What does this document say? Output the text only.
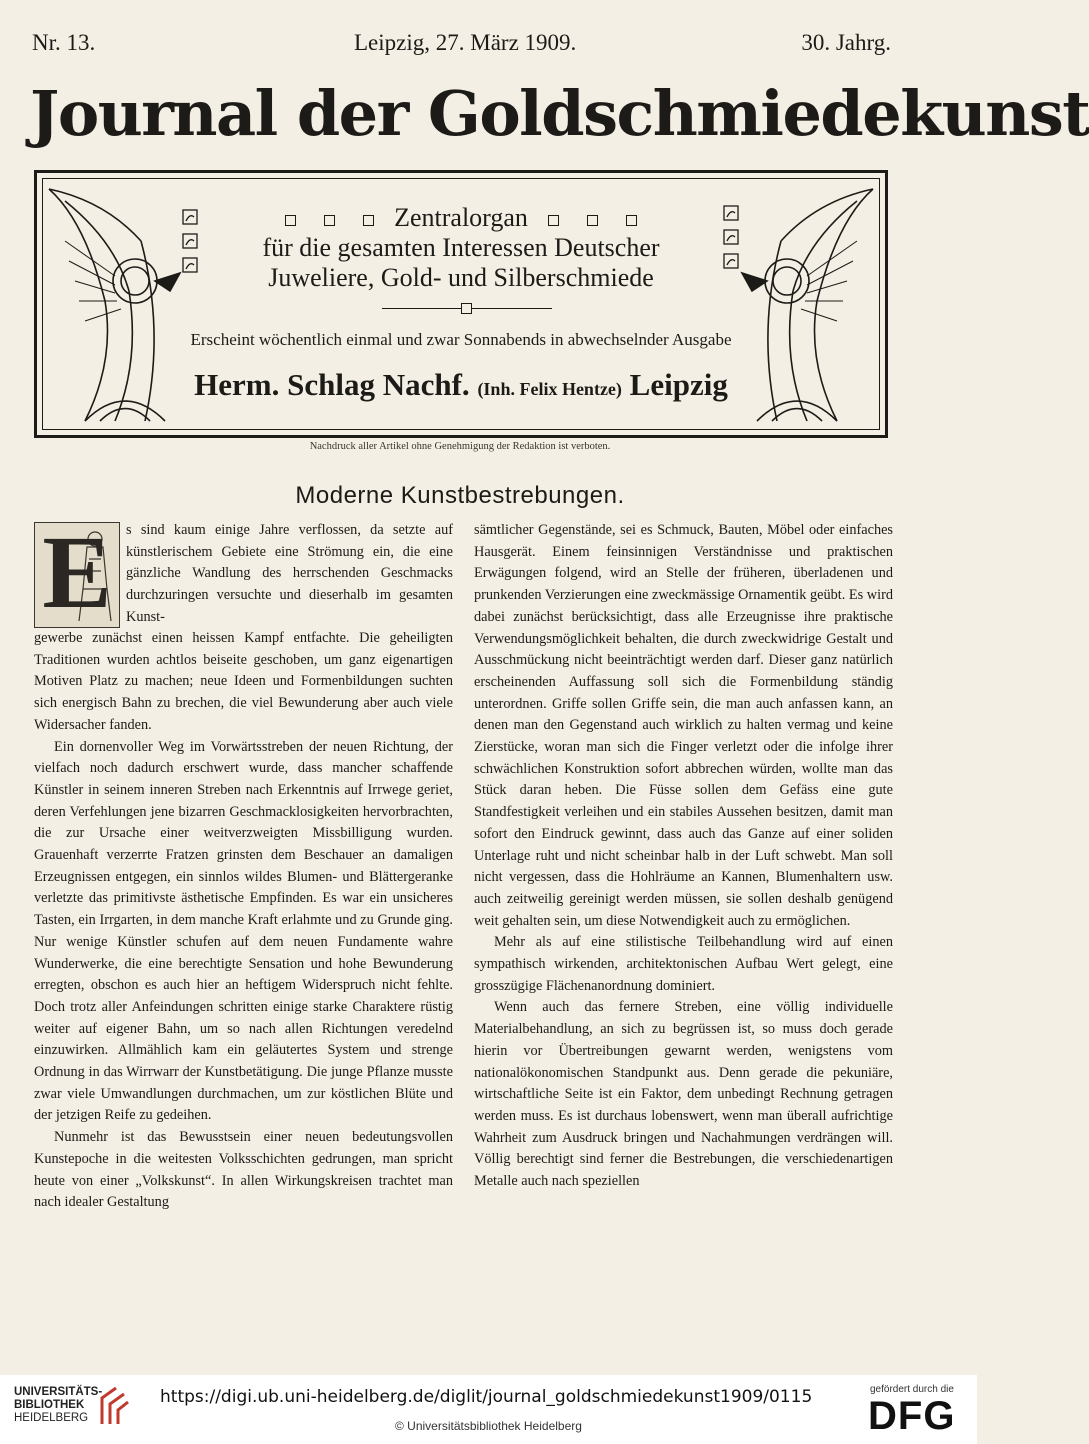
Nr. 13.	Leipzig, 27. März 1909.	30. Jahrg.
Journal der Goldschmiedekunst
Zentralorgan
für die gesamten Interessen Deutscher
Juweliere, Gold- und Silberschmiede
Erscheint wöchentlich einmal und zwar Sonnabends in abwechselnder Ausgabe
Herm. Schlag Nachf. (Inh. Felix Hentze) Leipzig
Nachdruck aller Artikel ohne Genehmigung der Redaktion ist verboten.
Moderne Kunstbestrebungen.
E	s sind kaum einige Jahre verflossen, da setzte auf künstlerischem Gebiete eine Strömung ein, die eine gänzliche Wandlung des herrschenden Geschmacks durchzuringen versuchte und dieserhalb im gesamten Kunst-

gewerbe zunächst einen heissen Kampf entfachte. Die geheiligten Traditionen wurden achtlos beiseite geschoben, um ganz eigenartigen Motiven Platz zu machen; neue Ideen und Formenbildungen suchten sich energisch Bahn zu brechen, die viel Bewunderung aber auch viele Widersacher fanden.

Ein dornenvoller Weg im Vorwärtsstreben der neuen Richtung, der vielfach noch dadurch erschwert wurde, dass mancher schaffende Künstler in seinem inneren Streben nach Erkenntnis auf Irrwege geriet, deren Verfehlungen jene bizarren Geschmacklosigkeiten hervorbrachten, die zur Ursache einer weitverzweigten Missbilligung wurden. Grauenhaft verzerrte Fratzen grinsten dem Beschauer an damaligen Erzeugnissen entgegen, ein sinnlos wildes Blumen- und Blättergeranke verletzte das primitivste ästhetische Empfinden. Es war ein unsicheres Tasten, ein Irrgarten, in dem manche Kraft erlahmte und zu Grunde ging. Nur wenige Künstler schufen auf dem neuen Fundamente wahre Wunderwerke, die eine berechtigte Sensation und hohe Bewunderung erregten, obschon es auch hier an heftigem Widerspruch nicht fehlte. Doch trotz aller Anfeindungen schritten einige starke Charaktere rüstig weiter auf eigener Bahn, um so nach allen Richtungen veredelnd einzuwirken. Allmählich kam ein geläutertes System und strenge Ordnung in das Wirrwarr der Kunstbetätigung. Die junge Pflanze musste zwar viele Umwandlungen durchmachen, um zur köstlichen Blüte und der jetzigen Reife zu gedeihen.

Nunmehr ist das Bewusstsein einer neuen bedeutungsvollen Kunstepoche in die weitesten Volksschichten gedrungen, man spricht heute von einer „Volkskunst“. In allen Wirkungskreisen trachtet man nach idealer Gestaltung

sämtlicher Gegenstände, sei es Schmuck, Bauten, Möbel oder einfaches Hausgerät. Einem feinsinnigen Verständnisse und praktischen Erwägungen folgend, wird an Stelle der früheren, überladenen und prunkenden Verzierungen eine zweckmässige Ornamentik geübt. Es wird dabei zunächst berücksichtigt, dass alle Erzeugnisse ihre praktische Verwendungsmöglichkeit behalten, die durch zweckwidrige Gestalt und Ausschmückung nicht beeinträchtigt werden darf. Dieser ganz natürlich erscheinenden Auffassung soll sich die Formenbildung ständig unterordnen. Griffe sollen Griffe sein, die man auch anfassen kann, an denen man den Gegenstand auch wirklich zu halten vermag und keine Zierstücke, woran man sich die Finger verletzt oder die infolge ihrer schwächlichen Konstruktion sofort abbrechen würden, wollte man das Stück daran heben. Die Füsse sollen dem Gefäss eine gute Standfestigkeit verleihen und ein stabiles Aussehen besitzen, damit man sofort den Eindruck gewinnt, dass auch das Ganze auf einer soliden Unterlage ruht und nicht scheinbar halb in der Luft schwebt. Man soll nicht vergessen, dass die Hohlräume an Kannen, Blumenhaltern usw. auch zeitweilig gereinigt werden müssen, sie sollen deshalb genügend weit gehalten sein, um diese Notwendigkeit auch zu ermöglichen.

Mehr als auf eine stilistische Teilbehandlung wird auf einen sympathisch wirkenden, architektonischen Aufbau Wert gelegt, eine grosszügige Flächenanordnung dominiert.

Wenn auch das fernere Streben, eine völlig individuelle Materialbehandlung, an sich zu begrüssen ist, so muss doch gerade hierin vor Übertreibungen gewarnt werden, wenigstens vom nationalökonomischen Standpunkt aus. Denn gerade die pekuniäre, wirtschaftliche Seite ist ein Faktor, dem unbedingt Rechnung getragen werden muss. Es ist durchaus lobenswert, wenn man überall aufrichtige Wahrheit zum Ausdruck bringen und Nachahmungen verdrängen will. Völlig berechtigt sind ferner die Bestrebungen, die verschiedenartigen Metalle auch nach speziellen

UNIVERSITÄTS-
BIBLIOTHEK
HEIDELBERG
https://digi.ub.uni-heidelberg.de/diglit/journal_goldschmiedekunst1909/0115
© Universitätsbibliothek Heidelberg
gefördert durch die
DFG
